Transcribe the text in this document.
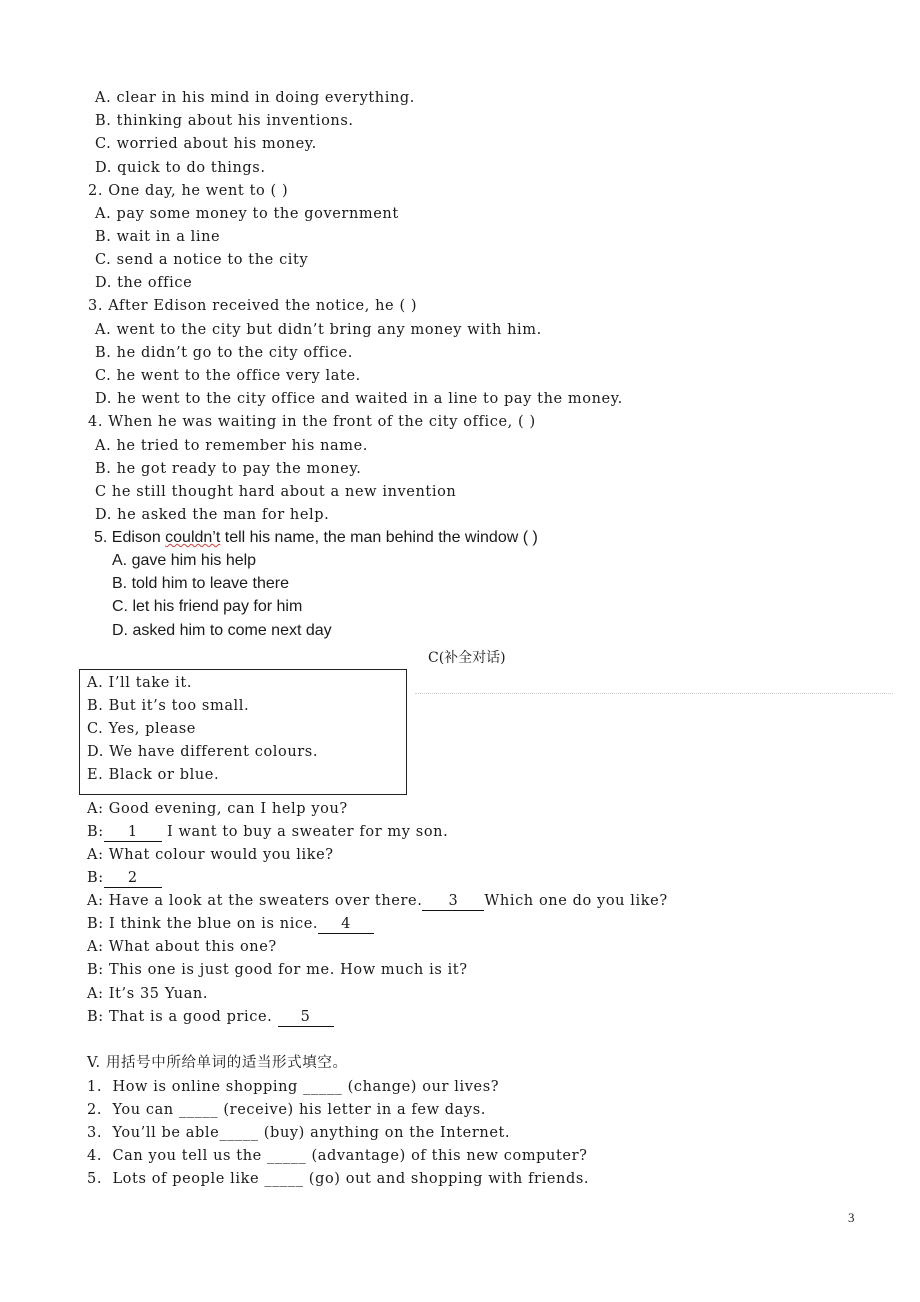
A. clear in his mind in doing everything.
B. thinking about his inventions.
C. worried about his money.
D. quick to do things.
2. One day, he went to ( )
A. pay some money to the government
B. wait in a line
C. send a notice to the city
D. the office
3. After Edison received the notice, he ( )
A. went to the city but didn’t bring any money with him.
B. he didn’t go to the city office.
C. he went to the office very late.
D. he went to the city office and waited in a line to pay the money.
4. When he was waiting in the front of the city office, ( )
A. he tried to remember his name.
B. he got ready to pay the money.
C he still thought hard about a new invention
D. he asked the man for help.
5. Edison couldn’t tell his name, the man behind the window ( )
A. gave him his help
B. told him to leave there
C. let his friend pay for him
D. asked him to come next day
C(补全对话)
A. I’ll take it.
B. But it’s too small.
C. Yes, please
D. We have different colours.
E. Black or blue.
A: Good evening, can I help you?
B: 1 I want to buy a sweater for my son.
A: What colour would you like?
B: 2
A: Have a look at the sweaters over there. 3 Which one do you like?
B: I think the blue on is nice. 4
A: What about this one?
B: This one is just good for me. How much is it?
A: It’s 35 Yuan.
B: That is a good price. 5
V. 用括号中所给单词的适当形式填空。
1.  How is online shopping _____ (change) our lives?
2.  You can _____ (receive) his letter in a few days.
3.  You’ll be able_____ (buy) anything on the Internet.
4.  Can you tell us the _____ (advantage) of this new computer?
5.  Lots of people like _____ (go) out and shopping with friends.
3
